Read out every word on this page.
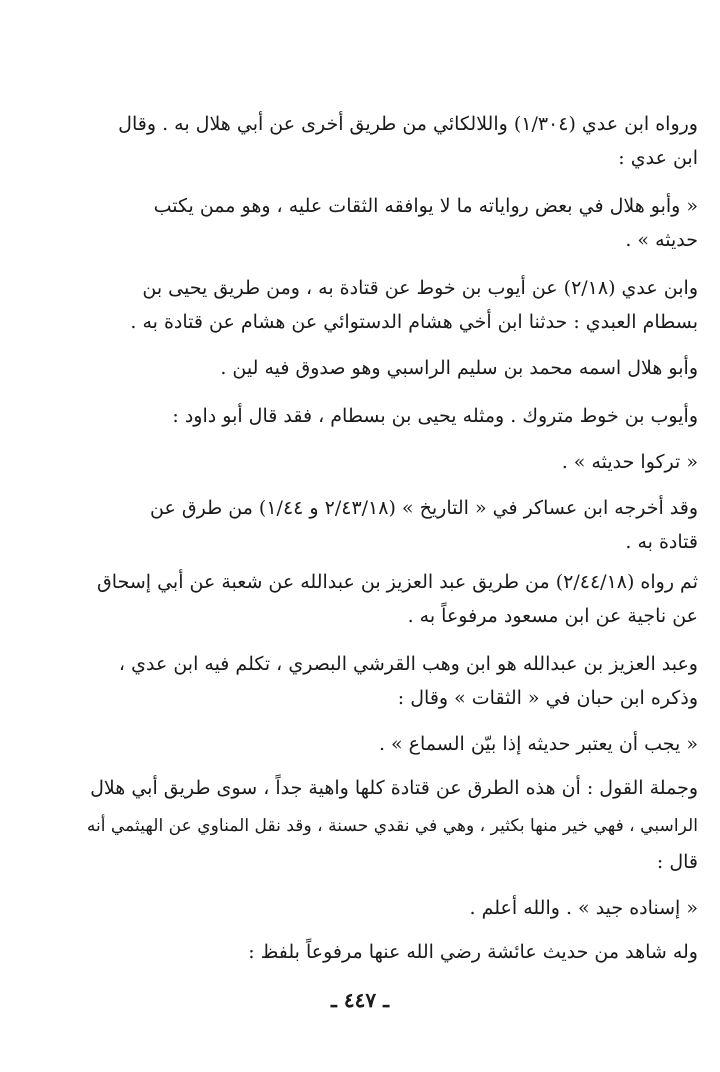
ورواه ابن عدي (١/٣٠٤) واللالكائي من طريق أخرى عن أبي هلال به . وقال
ابن عدي :
« وأبو هلال في بعض رواياته ما لا يوافقه الثقات عليه ، وهو ممن يكتب
حديثه » .
وابن عدي (٢/١٨) عن أيوب بن خوط عن قتادة به ، ومن طريق يحيى بن
بسطام العبدي : حدثنا ابن أخي هشام الدستوائي عن هشام عن قتادة به .
وأبو هلال اسمه محمد بن سليم الراسبي وهو صدوق فيه لين .
وأيوب بن خوط متروك . ومثله يحيى بن بسطام ، فقد قال أبو داود :
« تركوا حديثه » .
وقد أخرجه ابن عساكر في « التاريخ » (٢/٤٣/١٨ و ١/٤٤) من طرق عن
قتادة به .
ثم رواه (٢/٤٤/١٨) من طريق عبد العزيز بن عبدالله عن شعبة عن أبي إسحاق
عن ناجية عن ابن مسعود مرفوعاً به .
وعبد العزيز بن عبدالله هو ابن وهب القرشي البصري ، تكلم فيه ابن عدي ،
وذكره ابن حبان في « الثقات » وقال :
« يجب أن يعتبر حديثه إذا بيّن السماع » .
وجملة القول : أن هذه الطرق عن قتادة كلها واهية جداً ، سوى طريق أبي هلال
الراسبي ، فهي خير منها بكثير ، وهي في نقدي حسنة ، وقد نقل المناوي عن الهيثمي أنه
قال :
« إسناده جيد » . والله أعلم .
وله شاهد من حديث عائشة رضي الله عنها مرفوعاً بلفظ :
ـ ٤٤٧ ـ
